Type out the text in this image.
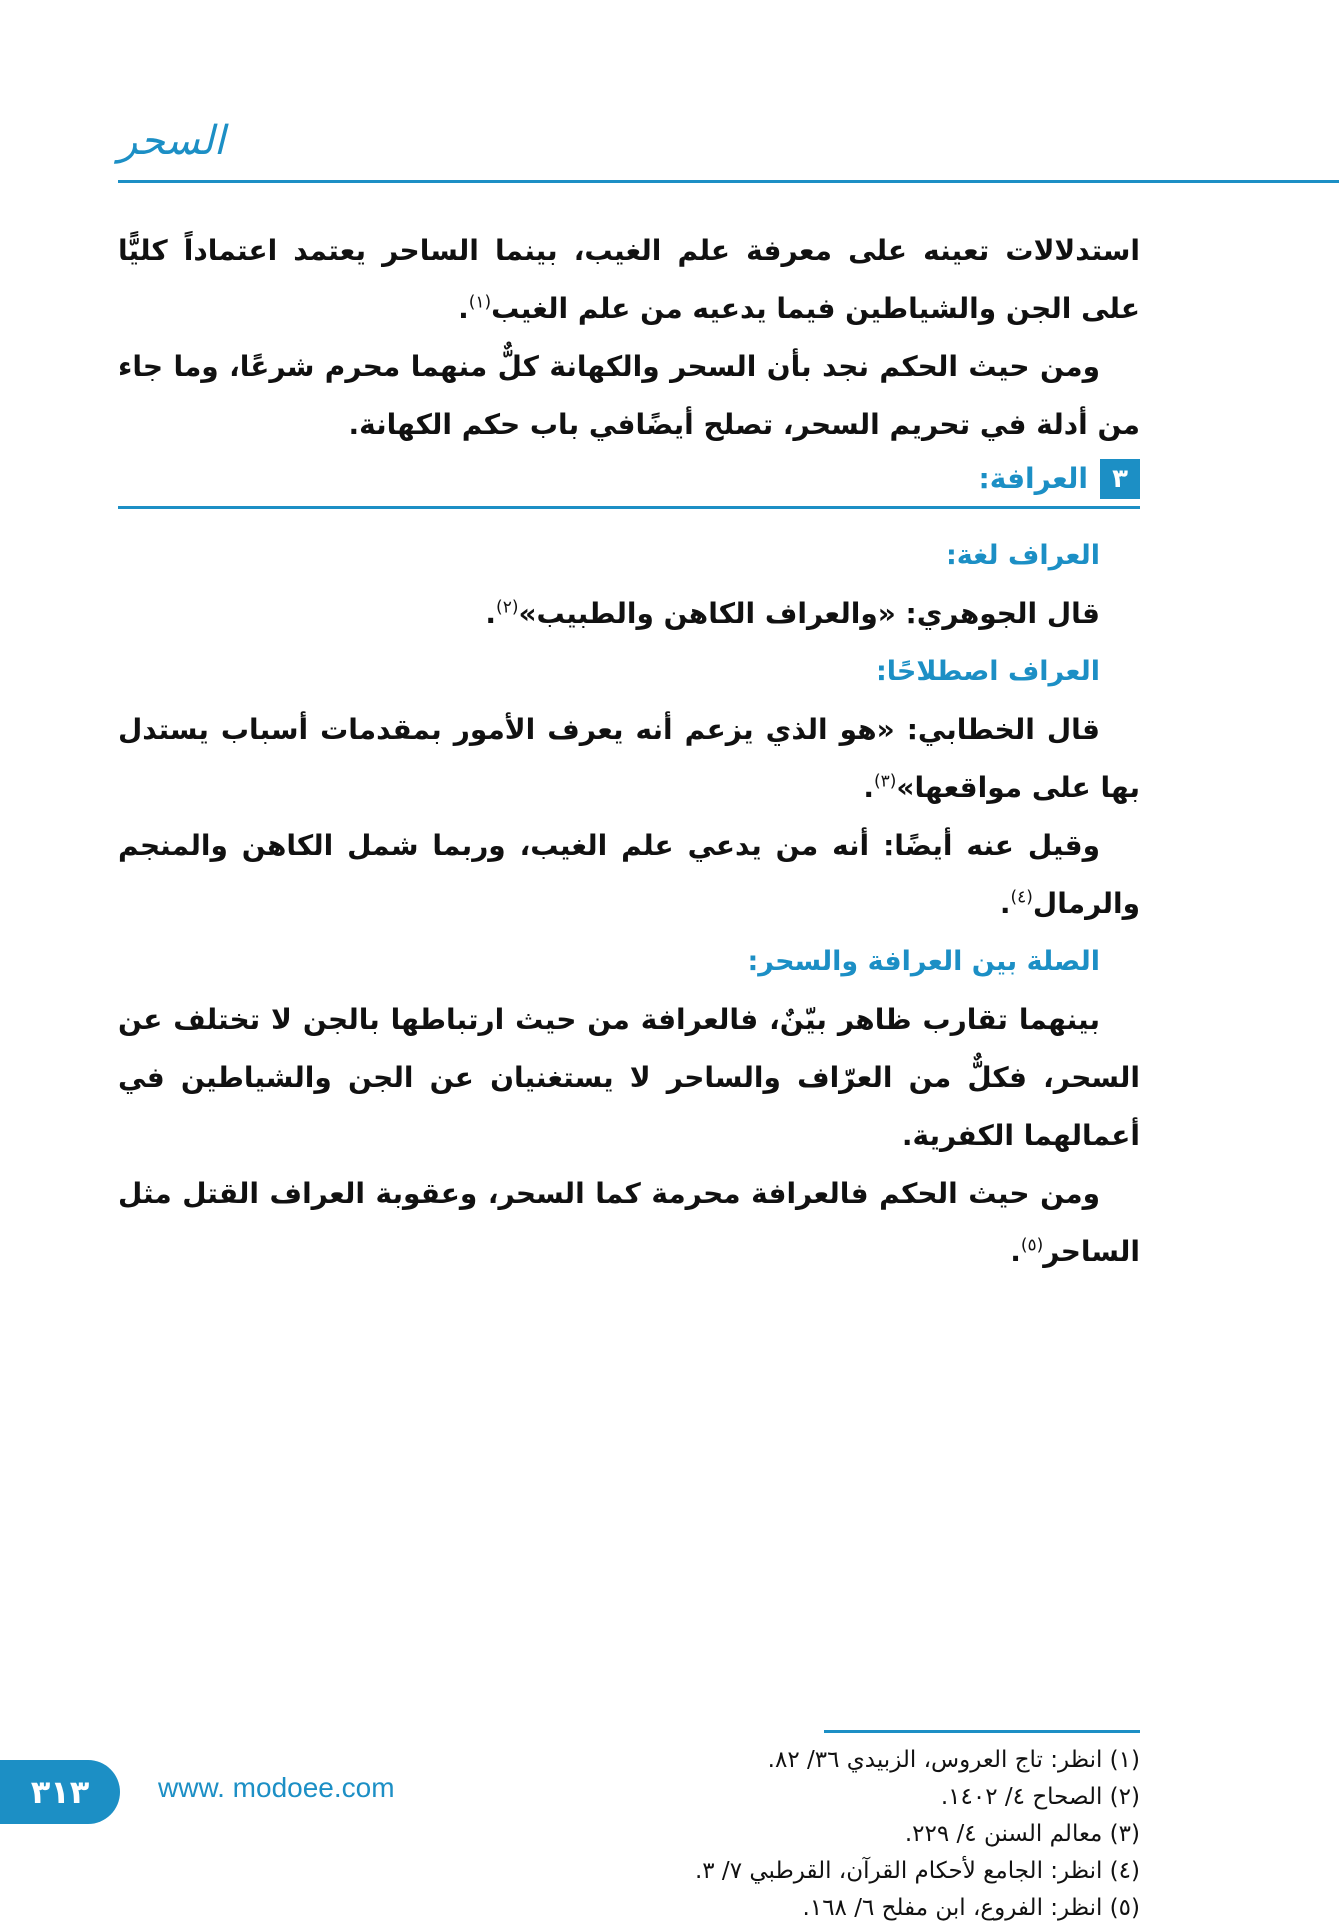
السحر

استدلالات تعينه على معرفة علم الغيب، بينما الساحر يعتمد اعتماداً كليًّا على الجن والشياطين فيما يدعيه من علم الغيب$^{(١)}$.

ومن حيث الحكم نجد بأن السحر والكهانة كلٌّ منهما محرم شرعًا، وما جاء من أدلة في تحريم السحر، تصلح أيضًافي باب حكم الكهانة.

٣
العرافة:
العراف لغة:

قال الجوهري: «والعراف الكاهن والطبيب»$^{(٢)}$.

العراف اصطلاحًا:

قال الخطابي: «هو الذي يزعم أنه يعرف الأمور بمقدمات أسباب يستدل بها على مواقعها»$^{(٣)}$.

وقيل عنه أيضًا: أنه من يدعي علم الغيب، وربما شمل الكاهن والمنجم والرمال$^{(٤)}$.

الصلة بين العرافة والسحر:

بينهما تقارب ظاهر بيّنٌ، فالعرافة من حيث ارتباطها بالجن لا تختلف عن السحر، فكلٌّ من العرّاف والساحر لا يستغنيان عن الجن والشياطين في أعمالهما الكفرية.

ومن حيث الحكم فالعرافة محرمة كما السحر، وعقوبة العراف القتل مثل الساحر$^{(٥)}$.

(١) انظر: تاج العروس، الزبيدي ٣٦/ ٨٢.
(٢) الصحاح ٤/ ١٤٠٢.
(٣) معالم السنن ٤/ ٢٢٩.
(٤) انظر: الجامع لأحكام القرآن، القرطبي ٧/ ٣.
(٥) انظر: الفروع، ابن مفلح ٦/ ١٦٨.
٣١٣	www. modoee.com
